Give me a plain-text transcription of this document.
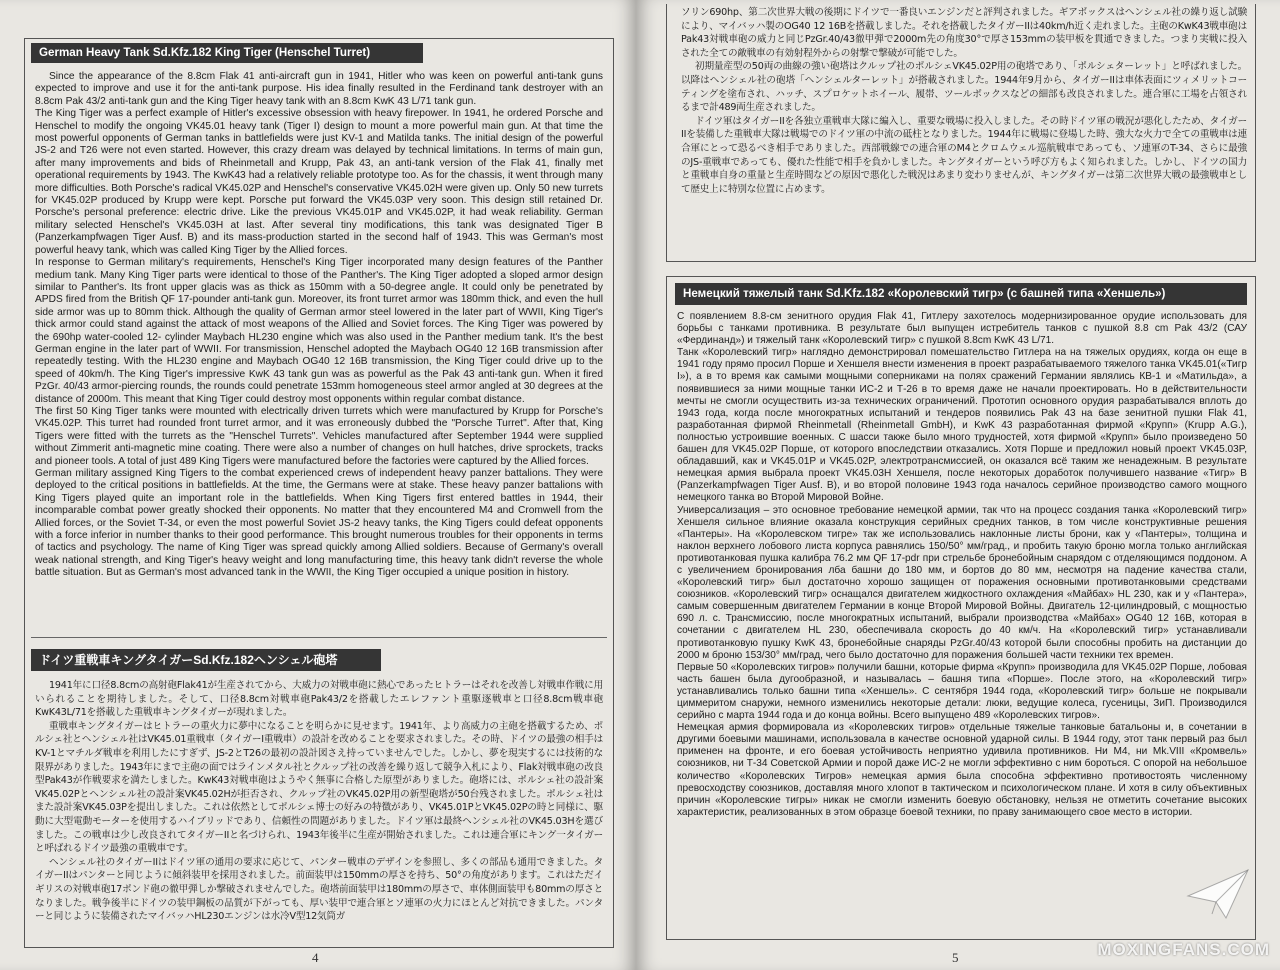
German Heavy Tank Sd.Kfz.182 King Tiger (Henschel Turret)

Since the appearance of the 8.8cm Flak 41 anti-aircraft gun in 1941, Hitler who was keen on powerful anti-tank guns expected to improve and use it for the anti-tank purpose. His idea finally resulted in the Ferdinand tank destroyer with an 8.8cm Pak 43/2 anti-tank gun and the King Tiger heavy tank with an 8.8cm KwK 43 L/71 tank gun.

The King Tiger was a perfect example of Hitler's excessive obsession with heavy firepower. In 1941, he ordered Porsche and Henschel to modify the ongoing VK45.01 heavy tank (Tiger I) design to mount a more powerful main gun. At that time the most powerful opponents of German tanks in battlefields were just KV-1 and Matilda tanks. The initial design of the powerful JS-2 and T26 were not even started. However, this crazy dream was delayed by technical limitations. In terms of main gun, after many improvements and bids of Rheinmetall and Krupp, Pak 43, an anti-tank version of the Flak 41, finally met operational requirements by 1943. The KwK43 had a relatively reliable prototype too. As for the chassis, it went through many more difficulties. Both Porsche's radical VK45.02P and Henschel's conservative VK45.02H were given up. Only 50 new turrets for VK45.02P produced by Krupp were kept. Porsche put forward the VK45.03P very soon. This design still retained Dr. Porsche's personal preference: electric drive. Like the previous VK45.01P and VK45.02P, it had weak reliability. German military selected Henschel's VK45.03H at last. After several tiny modifications, this tank was designated Tiger B (Panzerkampfwagen Tiger Ausf. B) and its mass-production started in the second half of 1943. This was German's most powerful heavy tank, which was called King Tiger by the Allied forces.

In response to German military's requirements, Henschel's King Tiger incorporated many design features of the Panther medium tank. Many King Tiger parts were identical to those of the Panther's. The King Tiger adopted a sloped armor design similar to Panther's. Its front upper glacis was as thick as 150mm with a 50-degree angle. It could only be penetrated by APDS fired from the British QF 17-pounder anti-tank gun. Moreover, its front turret armor was 180mm thick, and even the hull side armor was up to 80mm thick. Although the quality of German armor steel lowered in the later part of WWII, King Tiger's thick armor could stand against the attack of most weapons of the Allied and Soviet forces. The King Tiger was powered by the 690hp water-cooled 12- cylinder Maybach HL230 engine which was also used in the Panther medium tank. It's the best German engine in the later part of WWII. For transmission, Henschel adopted the Maybach OG40 12 16B transmission after repeatedly testing. With the HL230 engine and Maybach OG40 12 16B transmission, the King Tiger could drive up to the speed of 40km/h. The King Tiger's impressive KwK 43 tank gun was as powerful as the Pak 43 anti-tank gun. When it fired PzGr. 40/43 armor-piercing rounds, the rounds could penetrate 153mm homogeneous steel armor angled at 30 degrees at the distance of 2000m. This meant that King Tiger could destroy most opponents within regular combat distance.

The first 50 King Tiger tanks were mounted with electrically driven turrets which were manufactured by Krupp for Porsche's VK45.02P. This turret had rounded front turret armor, and it was erroneously dubbed the "Porsche Turret". After that, King Tigers were fitted with the turrets as the "Henschel Turrets". Vehicles manufactured after September 1944 were supplied without Zimmerit anti-magnetic mine coating. There were also a number of changes on hull hatches, drive sprockets, tracks and pioneer tools. A total of just 489 King Tigers were manufactured before the factories were captured by the Allied forces.

German military assigned King Tigers to the combat experienced crews of independent heavy panzer battalions. They were deployed to the critical positions in battlefields. At the time, the Germans were at stake. These heavy panzer battalions with King Tigers played quite an important role in the battlefields. When King Tigers first entered battles in 1944, their incomparable combat power greatly shocked their opponents. No matter that they encountered M4 and Cromwell from the Allied forces, or the Soviet T-34, or even the most powerful Soviet JS-2 heavy tanks, the King Tigers could defeat opponents with a force inferior in number thanks to their good performance. This brought numerous troubles for their opponents in terms of tactics and psychology. The name of King Tiger was spread quickly among Allied soldiers. Because of Germany's overall weak national strength, and King Tiger's heavy weight and long manufacturing time, this heavy tank didn't reverse the whole battle situation. But as German's most advanced tank in the WWII, the King Tiger occupied a unique position in history.

ドイツ重戦車キングタイガーSd.Kfz.182ヘンシェル砲塔

1941年に口径8.8cmの高射砲Flak41が生産されてから、大威力の対戦車砲に熱心であったヒトラーはそれを改善し対戦車作戦に用いられることを期待しました。そして、口径8.8cm対戦車砲Pak43/2を搭載したエレファント重駆逐戦車と口径8.8cm戦車砲KwK43L/71を搭載した重戦車キングタイガーが現れました。

重戦車キングタイガーはヒトラーの重火力に夢中になることを明らかに見せます。1941年、より高威力の主砲を搭載するため、ポルシェ社とヘンシェル社はVK45.01重戦車（タイガーI重戦車）の設計を改めることを要求されました。その時、ドイツの最強の相手はKV-1とマチルダ戦車を利用したにすぎず、JS-2とT26の最初の設計図さえ持っていませんでした。しかし、夢を現実するには技術的な限界がありました。1943年にまで主砲の面ではラインメタル社とクルップ社の改善を繰り返して競争入札により、Flak対戦車砲の改良型Pak43が作戦要求を満たしました。KwK43対戦車砲はようやく無事に合格した原型がありました。砲塔には、ポルシェ社の設計案VK45.02Pとヘンシェル社の設計案VK45.02Hが拒否され、クルップ社のVK45.02P用の新型砲塔が50台残されました。ポルシェ社はまた設計案VK45.03Pを提出しました。これは依然としてポルシェ博士の好みの特徴があり、VK45.01PとVK45.02Pの時と同様に、駆動に大型電動モーターを使用するハイブリッドであり、信頼性の問題がありました。ドイツ軍は最終ヘンシェル社のVK45.03Hを選びました。この戦車は少し改良されてタイガーIIと名づけられ、1943年後半に生産が開始されました。これは連合軍にキング一タイガーと呼ばれるドイツ最強の重戦車です。

ヘンシェル社のタイガーIIはドイツ軍の通用の要求に応じて、パンター戦車のデザインを参照し、多くの部品も通用できました。タイガーIIはパンターと同じように傾斜装甲を採用されました。前面装甲は150mmの厚さを持ち、50°の角度があります。これはただイギリスの対戦車砲17ポンド砲の徹甲弾しか撃破されませんでした。砲塔前面装甲は180mmの厚さで、車体側面装甲も80mmの厚さとなりました。戦争後半にドイツの装甲鋼板の品質が下がっても、厚い装甲で連合軍とソ連軍の火力にほとんど対抗できました。パンターと同じように装備されたマイバッハHL230エンジンは水冷V型12気筒ガ

4

ソリン690hp、第二次世界大戦の後期にドイツで一番良いエンジンだと評判されました。ギアボックスはヘンシェル社の繰り返し試験により、マイバッハ製のOG40 12 16Bを搭載しました。それを搭載したタイガーIIは40km/h近く走れました。主砲のKwK43戦車砲はPak43対戦車砲の威力と同じPzGr.40/43徹甲弾で2000m先の角度30°で厚さ153mmの装甲板を貫通できました。つまり実戦に投入された全ての敵戦車の有効射程外からの射撃で撃破が可能でした。

初期量産型の50両の曲線の強い砲塔はクルップ社のポルシェVK45.02P用の砲塔であり、「ポルシェターレット」と呼ばれました。以降はヘンシェル社の砲塔「ヘンシェルターレット」が搭載されました。1944年9月から、タイガーIIは車体表面にツィメリットコーティングを塗布され、ハッチ、スプロケットホイール、履帯、ツールボックスなどの細部も改良されました。連合軍に工場を占領されるまで計489両生産されました。

ドイツ軍はタイガーIIを各独立重戦車大隊に編入し、重要な戦場に投入しました。その時ドイツ軍の戦況が悪化したため、タイガーIIを装備した重戦車大隊は戦場でのドイツ軍の中流の砥柱となりました。1944年に戦場に登場した時、強大な火力で全ての重戦車は連合軍にとって恐るべき相手でありました。西部戦線での連合軍のM4とクロムウェル巡航戦車であっても、ソ連軍のT-34、さらに最強のJS-重戦車であっても、優れた性能で相手を負かしました。キングタイガーという呼び方もよく知られました。しかし、ドイツの国力と重戦車自身の重量と生産時間などの原因で悪化した戦況はあまり変わりませんが、キングタイガーは第二次世界大戦の最強戦車として歴史上に特別な位置に占めます。

Немецкий тяжелый танк Sd.Kfz.182 «Королевский тигр» (с башней типа «Хеншель»)

С появлением 8.8-см зенитного орудия Flak 41, Гитлеру захотелось модернизированное орудие использовать для борьбы с танками противника. В результате был выпущен истребитель танков с пушкой 8.8 cm Pak 43/2 (САУ «Фердинанд») и тяжелый танк «Королевский тигр» с пушкой 8.8cm KwK 43 L/71.

Танк «Королевский тигр» наглядно демонстрировал помешательство Гитлера на на тяжелых орудиях, когда он еще в 1941 году прямо просил Порше и Хеншеля внести изменения в проект разрабатываемого тяжелого танка VK45.01(«Тигр I»), а в то время как самыми мощными соперниками на полях сражений Германии являлись КВ-1 и «Матильда», а появившиеся за ними мощные танки ИС-2 и Т-26 в то время даже не начали проектировать. Но в действительности мечты не смогли осуществить из-за технических ограничений. Прототип основного орудия разрабатывался вплоть до 1943 года, когда после многократных испытаний и тендеров появились Pak 43 на базе зенитной пушки Flak 41, разработанная фирмой Rheinmetall (Rheinmetall GmbH), и KwK 43 разработанная фирмой «Крупп» (Krupp A.G.), полностью устроившие военных. С шасси также было много трудностей, хотя фирмой «Крупп» было произведено 50 башен для VK45.02P Порше, от которого впоследствии отказались. Хотя Порше и предложил новый проект VK45.03P, обладавший, как и VK45.01P и VK45.02P, электротрансмиссией, он оказался всё таким же ненадежным. В результате немецкая армия выбрала проект VK45.03H Хеншеля, после некоторых доработок получившего название «Тигр» В (Panzerkampfwagen Tiger Ausf. B), и во второй половине 1943 года началось серийное производство самого мощного немецкого танка во Второй Мировой Войне.

Универсализация – это основное требование немецкой армии, так что на процесс создания танка «Королевский тигр» Хеншеля сильное влияние оказала конструкция серийных средних танков, в том числе конструктивные решения «Пантеры». На «Королевском тигре» так же использовались наклонные листы брони, как у «Пантеры», толщина и наклон верхнего лобового листа корпуса равнялись 150/50° мм/град., и пробить такую броню могла только английская противотанковая пушка калибра 76.2 мм QF 17-pdr при стрельбе бронебойным снарядом с отделяющимся поддоном. А с увеличением бронирования лба башни до 180 мм, и бортов до 80 мм, несмотря на падение качества стали, «Королевский тигр» был достаточно хорошо защищен от поражения основными противотанковыми средствами союзников. «Королевский тигр» оснащался двигателем жидкостного охлаждения «Майбах» HL 230, как и у «Пантера», самым совершенным двигателем Германии в конце Второй Мировой Войны. Двигатель 12-цилиндровый, с мощностью 690 л. с. Трансмиссию, после многократных испытаний, выбрали производства «Майбах» OG40 12 16B, которая в сочетании с двигателем HL 230, обеспечивала скорость до 40 км/ч. На «Королевский тигр» устанавливали противотанковую пушку KwK 43, бронебойные снаряды PzGr.40/43 которой были способны пробить на дистанции до 2000 м броню 153/30° мм/град, чего было достаточно для поражения большей части техники тех времен.

Первые 50 «Королевских тигров» получили башни, которые фирма «Крупп» производила для VK45.02P Порше, лобовая часть башен была дугообразной, и называлась – башня типа «Порше». После этого, на «Королевский тигр» устанавливались только башни типа «Хеншель». С сентября 1944 года, «Королевский тигр» больше не покрывали циммеритом снаружи, немного изменились некоторые детали: люки, ведущие колеса, гусеницы, ЗиП. Производился серийно с марта 1944 года и до конца войны. Всего выпущено 489 «Королевских тигров».

Немецкая армия формировала из «Королевских тигров» отдельные тяжелые танковые батальоны и, в сочетании в другими боевыми машинами, использовала в качестве основной ударной силы. В 1944 году, этот танк первый раз был применен на фронте, и его боевая устойчивость неприятно удивила противников. Ни М4, ни Mk.VIII «Кромвель» союзников, ни Т-34 Советской Армии и порой даже ИС-2 не могли эффективно с ним бороться. С опорой на небольшое количество «Королевских Тигров» немецкая армия была способна эффективно противостоять численному превосходству союзников, доставляя много хлопот в тактическом и психологическом плане. И хотя в силу объективных причин «Королевские тигры» никак не смогли изменить боевую обстановку, нельзя не отметить сочетание высоких характеристик, реализованных в этом образце боевой техники, по праву занимающего свое место в истории.

5	MOXINGFANS.COM
